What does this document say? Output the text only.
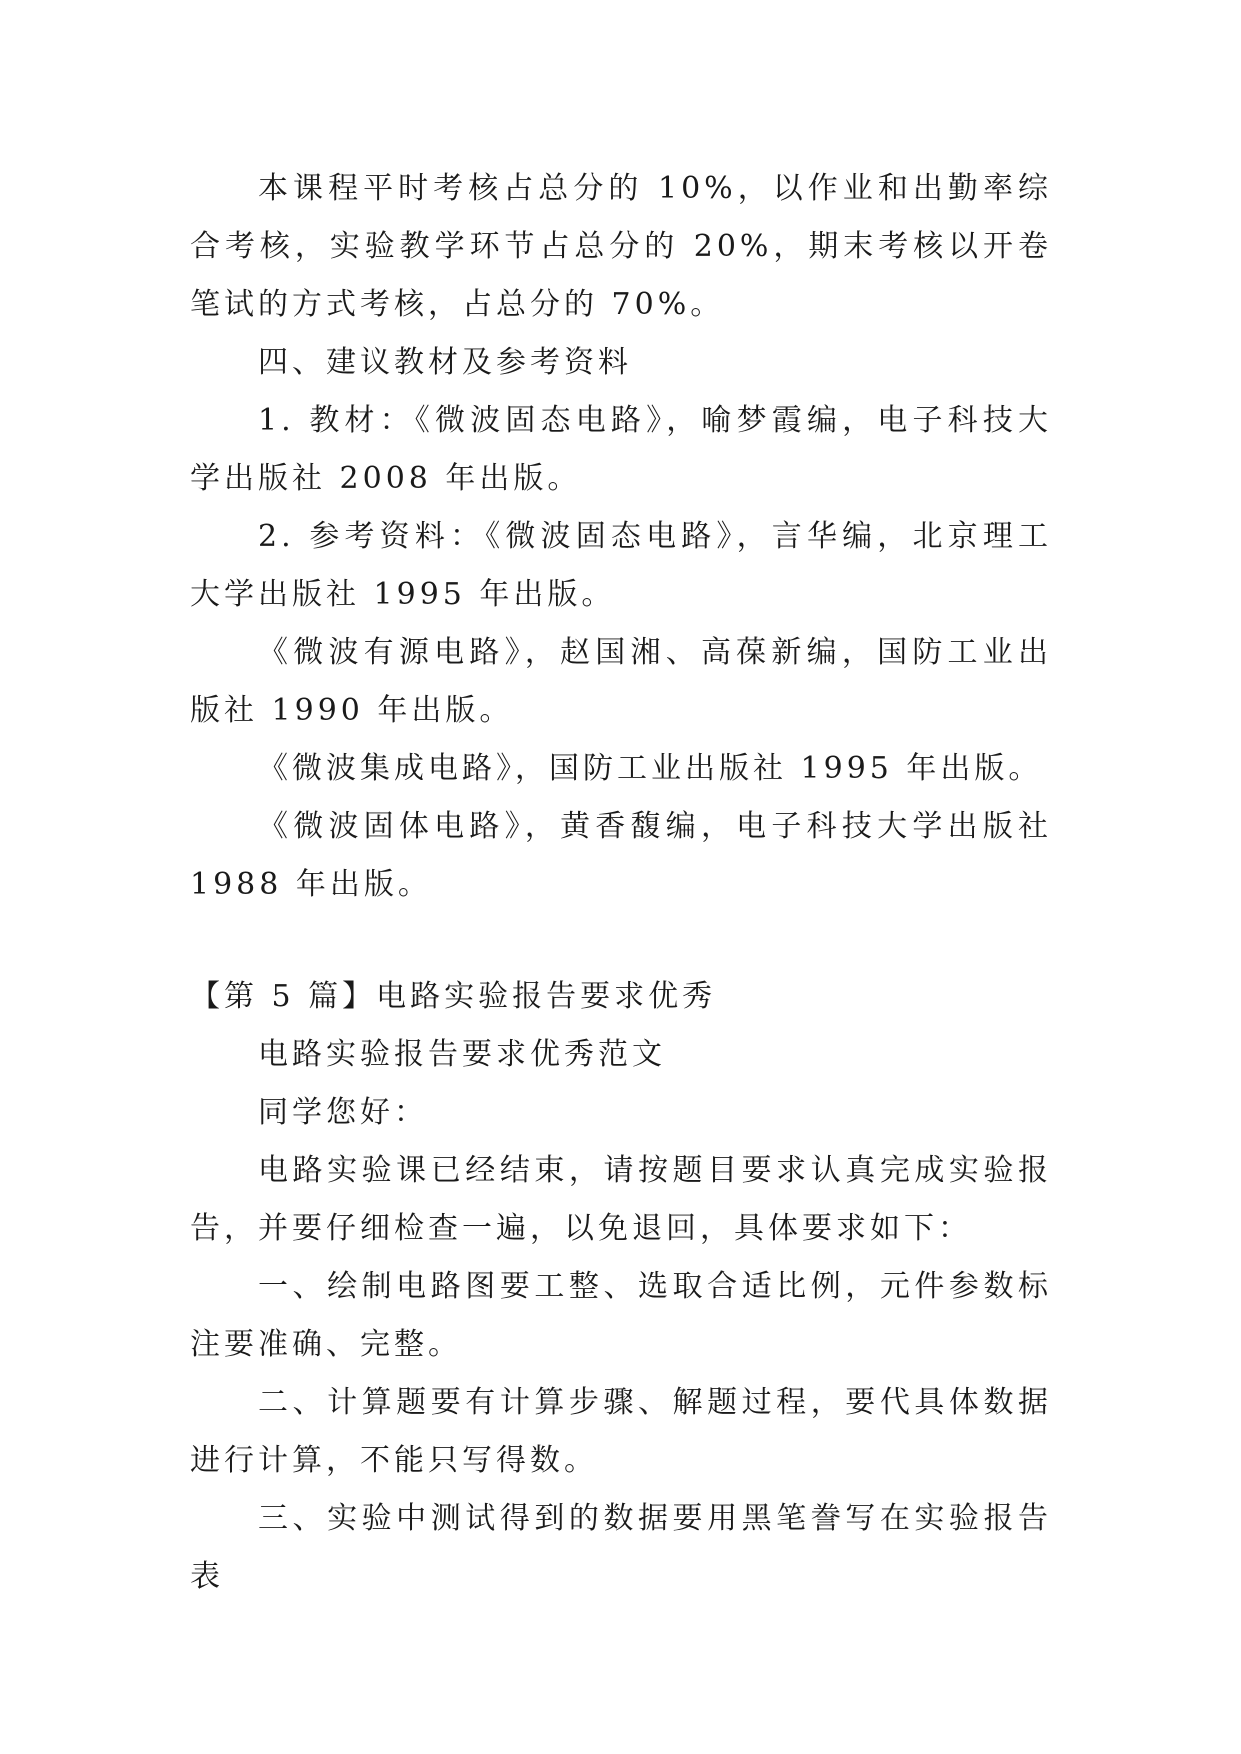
本课程平时考核占总分的 10%，以作业和出勤率综合考核，实验教学环节占总分的 20%，期末考核以开卷笔试的方式考核，占总分的 70%。

四、建议教材及参考资料

1. 教材：《微波固态电路》，喻梦霞编，电子科技大学出版社 2008 年出版。

2. 参考资料：《微波固态电路》，言华编，北京理工大学出版社 1995 年出版。

《微波有源电路》，赵国湘、高葆新编，国防工业出版社 1990 年出版。

《微波集成电路》，国防工业出版社 1995 年出版。

《微波固体电路》，黄香馥编，电子科技大学出版社 1988 年出版。

【第 5 篇】电路实验报告要求优秀

电路实验报告要求优秀范文

同学您好：

电路实验课已经结束，请按题目要求认真完成实验报告，并要仔细检查一遍，以免退回，具体要求如下：

一、绘制电路图要工整、选取合适比例，元件参数标注要准确、完整。

二、计算题要有计算步骤、解题过程，要代具体数据进行计算，不能只写得数。

三、实验中测试得到的数据要用黑笔誊写在实验报告表
